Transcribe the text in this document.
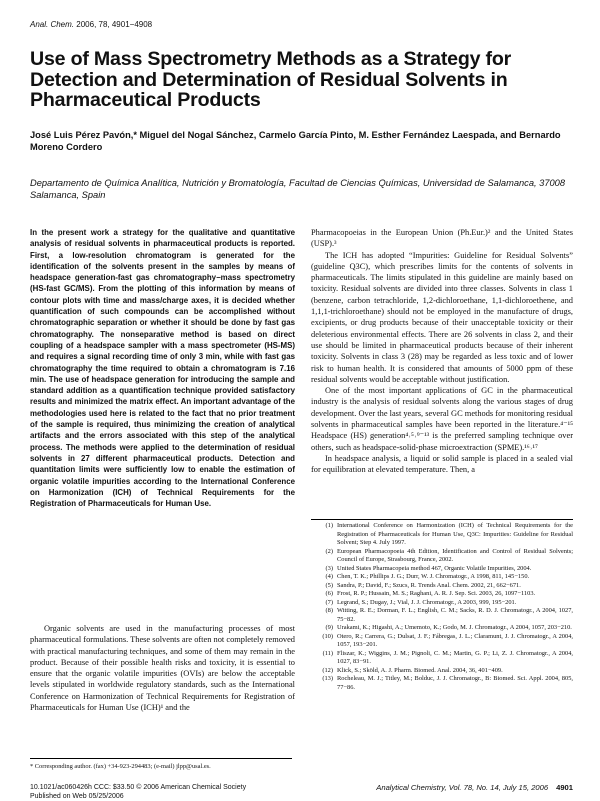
Anal. Chem. 2006, 78, 4901−4908
Use of Mass Spectrometry Methods as a Strategy for Detection and Determination of Residual Solvents in Pharmaceutical Products
José Luis Pérez Pavón,* Miguel del Nogal Sánchez, Carmelo García Pinto, M. Esther Fernández Laespada, and Bernardo Moreno Cordero
Departamento de Química Analítica, Nutrición y Bromatología, Facultad de Ciencias Químicas, Universidad de Salamanca, 37008 Salamanca, Spain
In the present work a strategy for the qualitative and quantitative analysis of residual solvents in pharmaceutical products is reported. First, a low-resolution chromatogram is generated for the identification of the solvents present in the samples by means of headspace generation-fast gas chromatography−mass spectrometry (HS-fast GC/MS). From the plotting of this information by means of contour plots with time and mass/charge axes, it is decided whether quantification of such compounds can be accomplished without chromatographic separation or whether it should be done by fast gas chromatography. The nonseparative method is based on direct coupling of a headspace sampler with a mass spectrometer (HS-MS) and requires a signal recording time of only 3 min, while with fast gas chromatography the time required to obtain a chromatogram is 7.16 min. The use of headspace generation for introducing the sample and standard addition as a quantification technique provided satisfactory results and minimized the matrix effect. An important advantage of the methodologies used here is related to the fact that no prior treatment of the sample is required, thus minimizing the creation of analytical artifacts and the errors associated with this step of the analytical process. The methods were applied to the determination of residual solvents in 27 different pharmaceutical products. Detection and quantitation limits were sufficiently low to enable the estimation of organic volatile impurities according to the International Conference on Harmonization (ICH) of Technical Requirements for the Registration of Pharmaceuticals for Human Use.

Organic solvents are used in the manufacturing processes of most pharmaceutical formulations. These solvents are often not completely removed with practical manufacturing techniques, and some of them may remain in the product. Because of their possible health risks and toxicity, it is essential to ensure that the organic volatile impurities (OVIs) are below the acceptable levels stipulated in worldwide regulatory standards, such as the International Conference on Harmonization of Technical Requirements for Registration of Pharmaceuticals for Human Use (ICH)¹ and the

Pharmacopoeias in the European Union (Ph.Eur.)² and the United States (USP).³

The ICH has adopted “Impurities: Guideline for Residual Solvents” (guideline Q3C), which prescribes limits for the contents of solvents in pharmaceuticals. The limits stipulated in this guideline are mainly based on toxicity. Residual solvents are divided into three classes. Solvents in class 1 (benzene, carbon tetrachloride, 1,2-dichloroethane, 1,1-dichloroethene, and 1,1,1-trichloroethane) should not be employed in the manufacture of drugs, excipients, or drug products because of their unacceptable toxicity or their deleterious environmental effects. There are 26 solvents in class 2, and their use should be limited in pharmaceutical products because of their inherent toxicity. Solvents in class 3 (28) may be regarded as less toxic and of lower risk to human health. It is considered that amounts of 5000 ppm of these residual solvents would be acceptable without justification.

One of the most important applications of GC in the pharmaceutical industry is the analysis of residual solvents along the various stages of drug development. Over the last years, several GC methods for monitoring residual solvents in pharmaceutical samples have been reported in the literature.⁴⁻¹⁵ Headspace (HS) generation⁴˒⁵˒⁹⁻¹³ is the preferred sampling technique over others, such as headspace-solid-phase microextraction (SPME).¹⁶˒¹⁷

In headspace analysis, a liquid or solid sample is placed in a sealed vial for equilibration at elevated temperature. Then, a

(1) International Conference on Harmonization (ICH) of Technical Requirements for the Registration of Pharmaceuticals for Human Use, Q3C: Impurities: Guideline for Residual Solvent; Step 4. July 1997.
(2) European Pharmacopoeia 4th Edition, Identification and Control of Residual Solvents; Council of Europe, Strasbourg, France, 2002.
(3) United States Pharmacopeia method 467, Organic Volatile Impurities, 2004.
(4) Chen, T. K.; Phillips J. G.; Durr, W. J. Chromatogr., A 1998, 811, 145−150.
(5) Sandra, P.; David, F.; Szucs, R. Trends Anal. Chem. 2002, 21, 662−671.
(6) Frost, R. P.; Hussain, M. S.; Raghani, A. R. J. Sep. Sci. 2003, 26, 1097−1103.
(7) Legrand, S.; Dugay, J.; Vial, J. J. Chromatogr., A 2003, 999, 195−201.
(8) Witting, R. E.; Dorman, F. L.; English, C. M.; Sacks, R. D. J. Chromatogr., A 2004, 1027, 75−82.
(9) Urakami, K.; Higashi, A.; Umemoto, K.; Godo, M. J. Chromatogr., A 2004, 1057, 203−210.
(10) Otero, R.; Carrera, G.; Dulsat, J. F.; Fábregas, J. L.; Claramunt, J. J. Chromatogr., A 2004, 1057, 193−201.
(11) Fliszar, K.; Wiggins, J. M.; Pignoli, C. M.; Martin, G. P.; Li, Z. J. Chromatogr., A 2004, 1027, 83−91.
(12) Klick, S.; Sköld, A. J. Pharm. Biomed. Anal. 2004, 36, 401−409.
(13) Rocheleau, M. J.; Titley, M.; Bolduc, J. J. Chromatogr., B: Biomed. Sci. Appl. 2004, 805, 77−86.
* Corresponding author. (fax) +34-923-294483; (e-mail) jlpp@usal.es.
10.1021/ac060426h CCC: $33.50 © 2006 American Chemical Society
Published on Web 05/25/2006
Analytical Chemistry, Vol. 78, No. 14, July 15, 2006 4901
